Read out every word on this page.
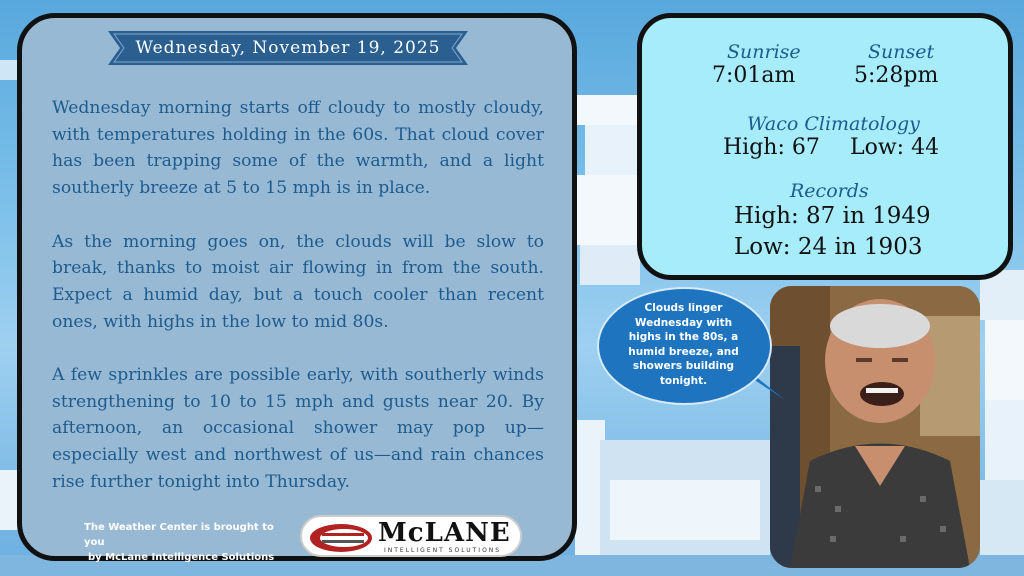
Wednesday, November 19, 2025

Wednesday morning starts off cloudy to mostly cloudy, with temperatures holding in the 60s. That cloud cover has been trapping some of the warmth, and a light southerly breeze at 5 to 15 mph is in place.

As the morning goes on, the clouds will be slow to break, thanks to moist air flowing in from the south. Expect a humid day, but a touch cooler than recent ones, with highs in the low to mid 80s.

A few sprinkles are possible early, with southerly winds strengthening to 10 to 15 mph and gusts near 20. By afternoon, an occasional shower may pop up—especially west and northwest of us—and rain chances rise further tonight into Thursday.

The Weather Center is brought to you
by McLane Intelligence Solutions
McLANE
INTELLIGENT SOLUTIONS
Sunrise
7:01am
Sunset
5:28pm
Waco Climatology
High: 67 Low: 44
Records
High: 87 in 1949
Low: 24 in 1903
Clouds linger Wednesday with highs in the 80s, a humid breeze, and showers building tonight.
